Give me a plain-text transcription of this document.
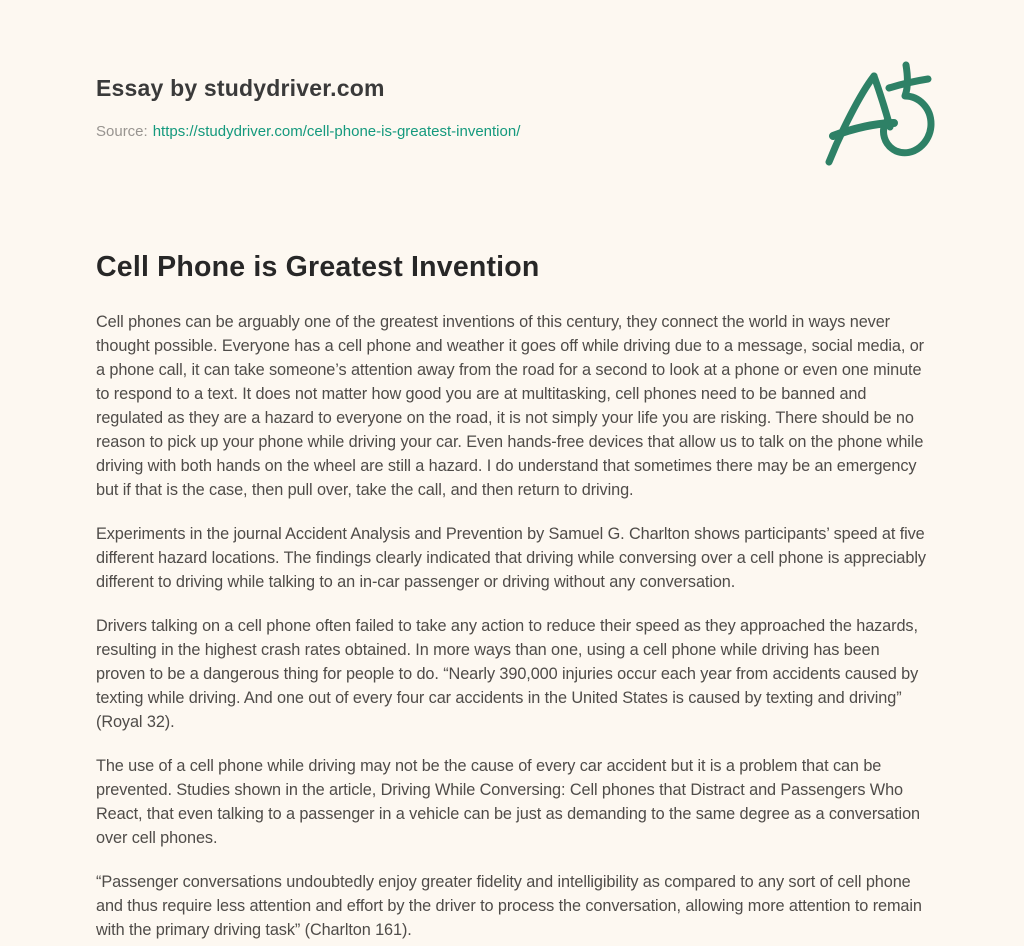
Essay by studydriver.com
Source: https://studydriver.com/cell-phone-is-greatest-invention/
Cell Phone is Greatest Invention

Cell phones can be arguably one of the greatest inventions of this century, they connect the world in ways never thought possible. Everyone has a cell phone and weather it goes off while driving due to a message, social media, or a phone call, it can take someone’s attention away from the road for a second to look at a phone or even one minute to respond to a text. It does not matter how good you are at multitasking, cell phones need to be banned and regulated as they are a hazard to everyone on the road, it is not simply your life you are risking. There should be no reason to pick up your phone while driving your car. Even hands-free devices that allow us to talk on the phone while driving with both hands on the wheel are still a hazard. I do understand that sometimes there may be an emergency but if that is the case, then pull over, take the call, and then return to driving.

Experiments in the journal Accident Analysis and Prevention by Samuel G. Charlton shows participants’ speed at five different hazard locations. The findings clearly indicated that driving while conversing over a cell phone is appreciably different to driving while talking to an in-car passenger or driving without any conversation.

Drivers talking on a cell phone often failed to take any action to reduce their speed as they approached the hazards, resulting in the highest crash rates obtained. In more ways than one, using a cell phone while driving has been proven to be a dangerous thing for people to do. “Nearly 390,000 injuries occur each year from accidents caused by texting while driving. And one out of every four car accidents in the United States is caused by texting and driving” (Royal 32).

The use of a cell phone while driving may not be the cause of every car accident but it is a problem that can be prevented. Studies shown in the article, Driving While Conversing: Cell phones that Distract and Passengers Who React, that even talking to a passenger in a vehicle can be just as demanding to the same degree as a conversation over cell phones.

“Passenger conversations undoubtedly enjoy greater fidelity and intelligibility as compared to any sort of cell phone and thus require less attention and effort by the driver to process the conversation, allowing more attention to remain with the primary driving task” (Charlton 161).
